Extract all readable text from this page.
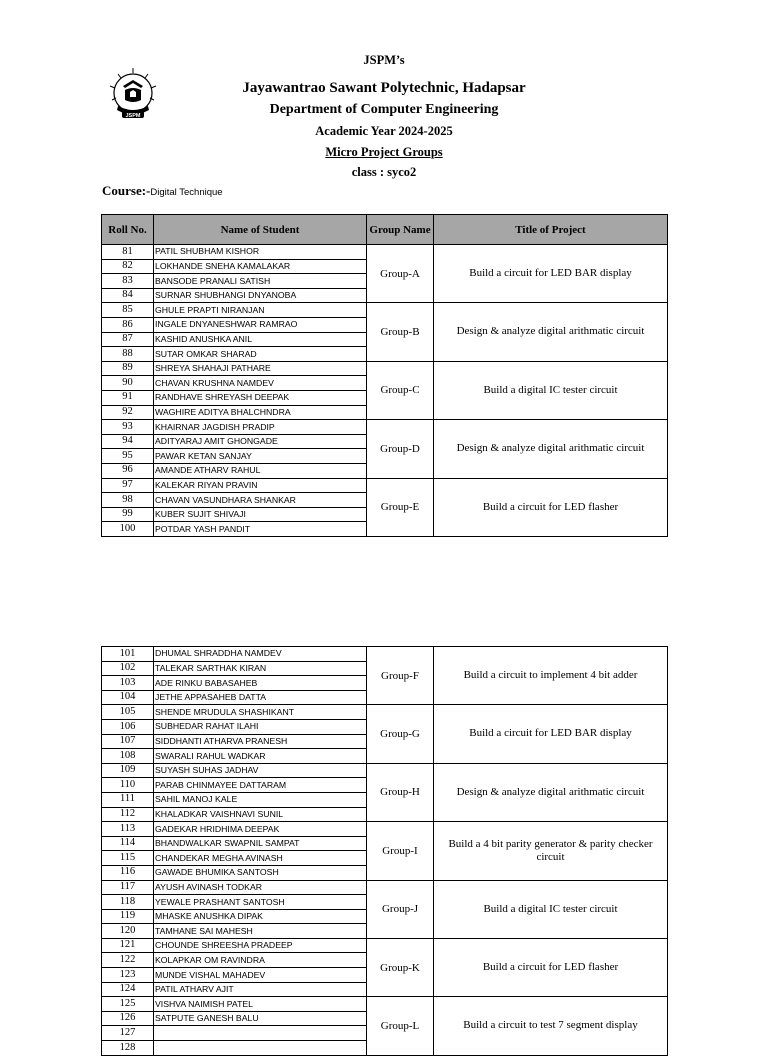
JSPM’s
Jayawantrao Sawant Polytechnic, Hadapsar
Department of Computer Engineering
Academic Year 2024-2025
Micro Project Groups
class : syco2
JSPM
Course:-Digital Technique
Roll No.	Name of Student	Group Name	Title of Project
81	PATIL SHUBHAM KISHOR	Group-A	Build a circuit for LED BAR display
82	LOKHANDE SNEHA KAMALAKAR		
83	BANSODE PRANALI SATISH		
84	SURNAR SHUBHANGI DNYANOBA		
85	GHULE PRAPTI NIRANJAN	Group-B	Design & analyze digital arithmatic circuit
86	INGALE DNYANESHWAR RAMRAO		
87	KASHID ANUSHKA ANIL		
88	SUTAR OMKAR SHARAD		
89	SHREYA SHAHAJI PATHARE	Group-C	Build a digital IC tester circuit
90	CHAVAN KRUSHNA NAMDEV		
91	RANDHAVE SHREYASH DEEPAK		
92	WAGHIRE ADITYA BHALCHNDRA		
93	KHAIRNAR JAGDISH PRADIP	Group-D	Design & analyze digital arithmatic circuit
94	ADITYARAJ AMIT GHONGADE		
95	PAWAR KETAN SANJAY		
96	AMANDE ATHARV RAHUL		
97	KALEKAR RIYAN PRAVIN	Group-E	Build a circuit for LED flasher
98	CHAVAN VASUNDHARA SHANKAR		
99	KUBER SUJIT SHIVAJI		
100	POTDAR YASH PANDIT		
101	DHUMAL SHRADDHA NAMDEV	Group-F	Build a circuit to implement 4 bit adder
102	TALEKAR SARTHAK KIRAN		
103	ADE RINKU BABASAHEB		
104	JETHE APPASAHEB DATTA		
105	SHENDE MRUDULA SHASHIKANT	Group-G	Build a circuit for LED BAR display
106	SUBHEDAR RAHAT ILAHI		
107	SIDDHANTI ATHARVA PRANESH		
108	SWARALI RAHUL WADKAR		
109	SUYASH SUHAS JADHAV	Group-H	Design & analyze digital arithmatic circuit
110	PARAB CHINMAYEE DATTARAM		
111	SAHIL MANOJ KALE		
112	KHALADKAR VAISHNAVI SUNIL		
113	GADEKAR HRIDHIMA DEEPAK	Group-I	Build a 4 bit parity generator & parity checker circuit
114	BHANDWALKAR SWAPNIL SAMPAT		
115	CHANDEKAR MEGHA AVINASH		
116	GAWADE BHUMIKA SANTOSH		
117	AYUSH AVINASH TODKAR	Group-J	Build a digital IC tester circuit
118	YEWALE PRASHANT SANTOSH		
119	MHASKE ANUSHKA DIPAK		
120	TAMHANE SAI MAHESH		
121	CHOUNDE SHREESHA PRADEEP	Group-K	Build a circuit for LED flasher
122	KOLAPKAR OM RAVINDRA		
123	MUNDE VISHAL MAHADEV		
124	PATIL ATHARV AJIT		
125	VISHVA NAIMISH PATEL	Group-L	Build a circuit to test 7 segment display
126	SATPUTE GANESH BALU		
127			
128			
